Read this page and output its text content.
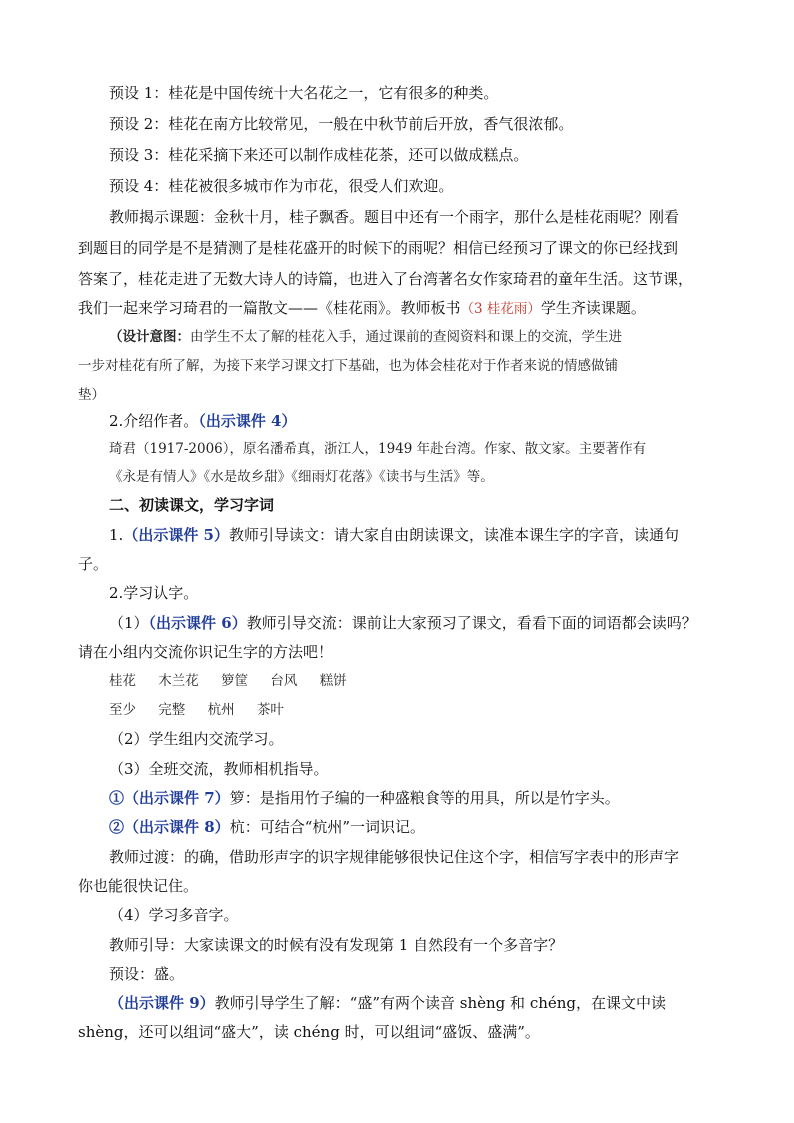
预设 1：桂花是中国传统十大名花之一，它有很多的种类。
预设 2：桂花在南方比较常见，一般在中秋节前后开放，香气很浓郁。
预设 3：桂花采摘下来还可以制作成桂花茶，还可以做成糕点。
预设 4：桂花被很多城市作为市花，很受人们欢迎。
教师揭示课题：金秋十月，桂子飘香。题目中还有一个雨字，那什么是桂花雨呢？刚看
到题目的同学是不是猜测了是桂花盛开的时候下的雨呢？相信已经预习了课文的你已经找到
答案了，桂花走进了无数大诗人的诗篇，也进入了台湾著名女作家琦君的童年生活。这节课，
我们一起来学习琦君的一篇散文——《桂花雨》。教师板书（3 桂花雨）学生齐读课题。
（设计意图：由学生不太了解的桂花入手，通过课前的查阅资料和课上的交流，学生进
一步对桂花有所了解，为接下来学习课文打下基础，也为体会桂花对于作者来说的情感做铺
垫）
2.介绍作者。（出示课件 4）
琦君（1917-2006），原名潘希真，浙江人，1949 年赴台湾。作家、散文家。主要著作有
《永是有情人》《水是故乡甜》《细雨灯花落》《读书与生活》等。
二、初读课文，学习字词
1.（出示课件 5）教师引导读文：请大家自由朗读课文，读准本课生字的字音，读通句
子。
2.学习认字。
（1）（出示课件 6）教师引导交流：课前让大家预习了课文，看看下面的词语都会读吗？
请在小组内交流你识记生字的方法吧！
桂花 木兰花 箩筐 台风 糕饼
至少 完整 杭州 茶叶
（2）学生组内交流学习。
（3）全班交流，教师相机指导。
①（出示课件 7）箩：是指用竹子编的一种盛粮食等的用具，所以是竹字头。
②（出示课件 8）杭：可结合“杭州”一词识记。
教师过渡：的确，借助形声字的识字规律能够很快记住这个字，相信写字表中的形声字
你也能很快记住。
（4）学习多音字。
教师引导：大家读课文的时候有没有发现第 1 自然段有一个多音字？
预设：盛。
（出示课件 9）教师引导学生了解：“盛”有两个读音 shèng 和 chéng，在课文中读
shèng，还可以组词“盛大”，读 chéng 时，可以组词“盛饭、盛满”。
